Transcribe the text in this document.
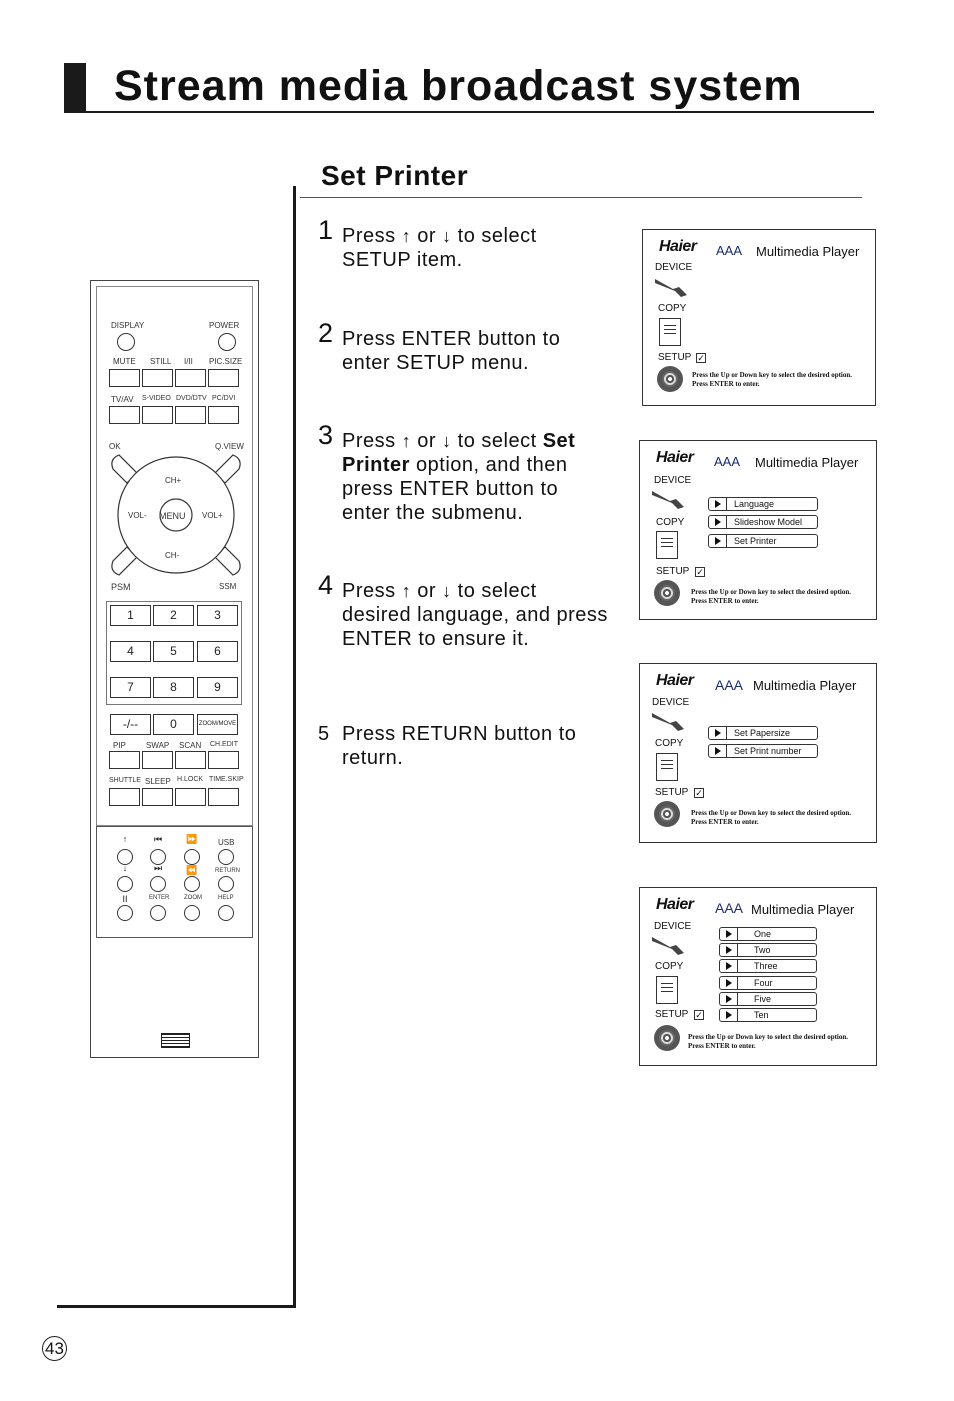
Stream media broadcast system
Set Printer
1 Press ↑ or ↓ to select SETUP item.
2 Press ENTER button to enter SETUP menu.
3 Press ↑ or ↓ to select Set Printer option, and then press ENTER button to enter the submenu.
4 Press ↑ or ↓ to select desired language, and press ENTER to ensure it.
5 Press RETURN button to return.
DISPLAY	POWER
MUTE STILL I/II PIC.SIZE
TV/AV S-VIDEO DVD/DTV PC/DVI
OK	Q.VIEW
CH+
CH-
VOL-	VOL+
MENU
PSM	SSM
1	2	3
4	5	6
7	8	9
-/--	0	ZOOM/MOVE
PIP	SWAP SCAN CH.EDIT
SHUTTLE SLEEP H.LOCK TIME.SKIP
↑	⏮	⏩	USB
↓	⏭	⏪	RETURN
II	ENTER ZOOM	HELP
Haier AAA Multimedia Player
DEVICE
COPY
SETUP ✓
Press the Up or Down key to select the desired option.
Press ENTER to enter.
Haier AAA Multimedia Player
DEVICE
COPY
SETUP ✓
Press the Up or Down key to select the desired option.
Press ENTER to enter.
Language
Slideshow Model
Set Printer
Haier AAA Multimedia Player
DEVICE
COPY
SETUP ✓
Press the Up or Down key to select the desired option.
Press ENTER to enter.
Set Papersize
Set Print number
Haier AAA Multimedia Player
DEVICE
COPY
SETUP ✓
Press the Up or Down key to select the desired option.
Press ENTER to enter.
One
Two
Three
Four
Five
Ten
43
